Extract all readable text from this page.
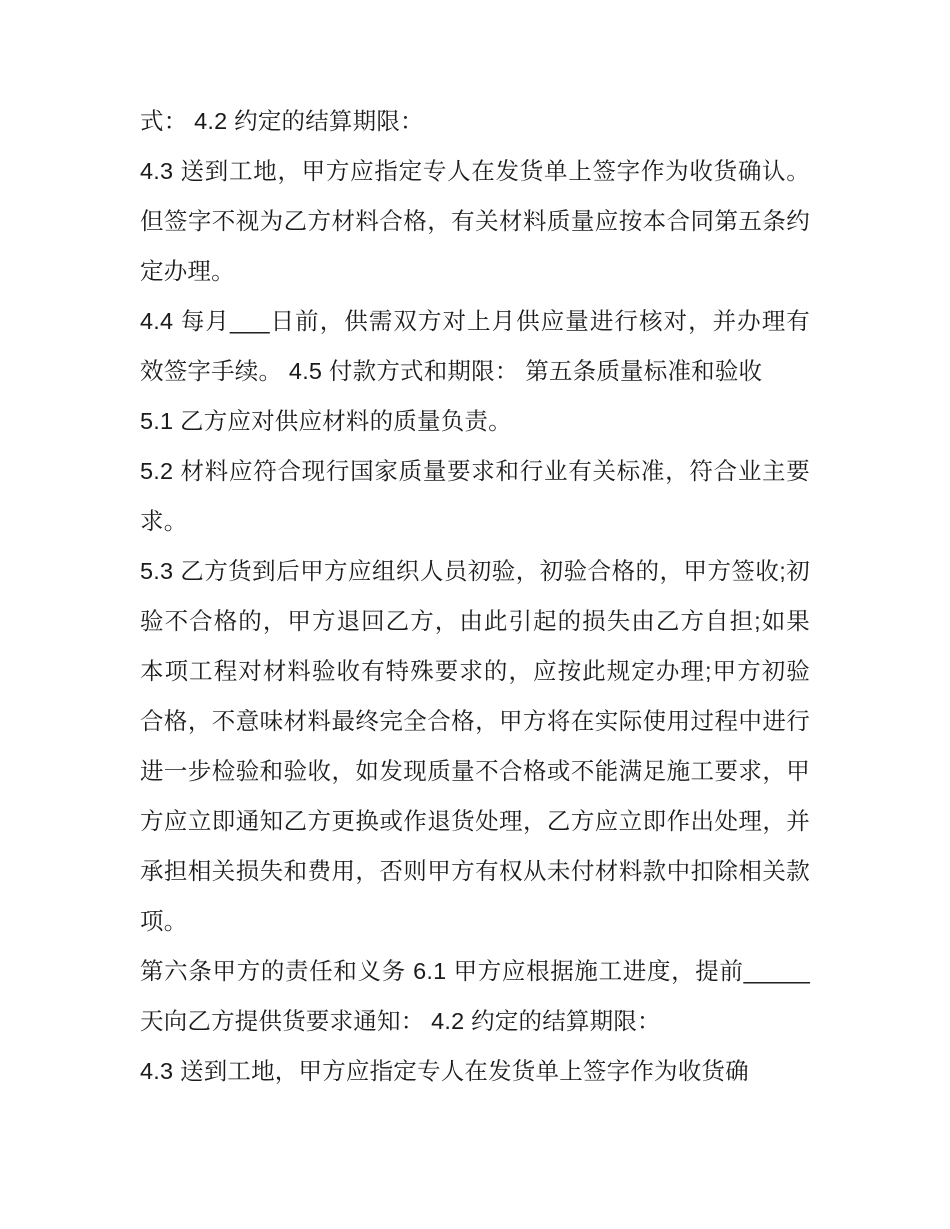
式： 4.2 约定的结算期限：

4.3 送到工地，甲方应指定专人在发货单上签字作为收货确认。但签字不视为乙方材料合格，有关材料质量应按本合同第五条约定办理。

4.4 每月___日前，供需双方对上月供应量进行核对，并办理有效签字手续。 4.5 付款方式和期限： 第五条质量标准和验收

5.1 乙方应对供应材料的质量负责。

5.2 材料应符合现行国家质量要求和行业有关标准，符合业主要求。

5.3 乙方货到后甲方应组织人员初验，初验合格的，甲方签收;初验不合格的，甲方退回乙方，由此引起的损失由乙方自担;如果本项工程对材料验收有特殊要求的，应按此规定办理;甲方初验合格，不意味材料最终完全合格，甲方将在实际使用过程中进行进一步检验和验收，如发现质量不合格或不能满足施工要求，甲方应立即通知乙方更换或作退货处理，乙方应立即作出处理，并承担相关损失和费用，否则甲方有权从未付材料款中扣除相关款项。

第六条甲方的责任和义务 6.1 甲方应根据施工进度，提前_____天向乙方提供货要求通知： 4.2 约定的结算期限：

4.3 送到工地，甲方应指定专人在发货单上签字作为收货确
